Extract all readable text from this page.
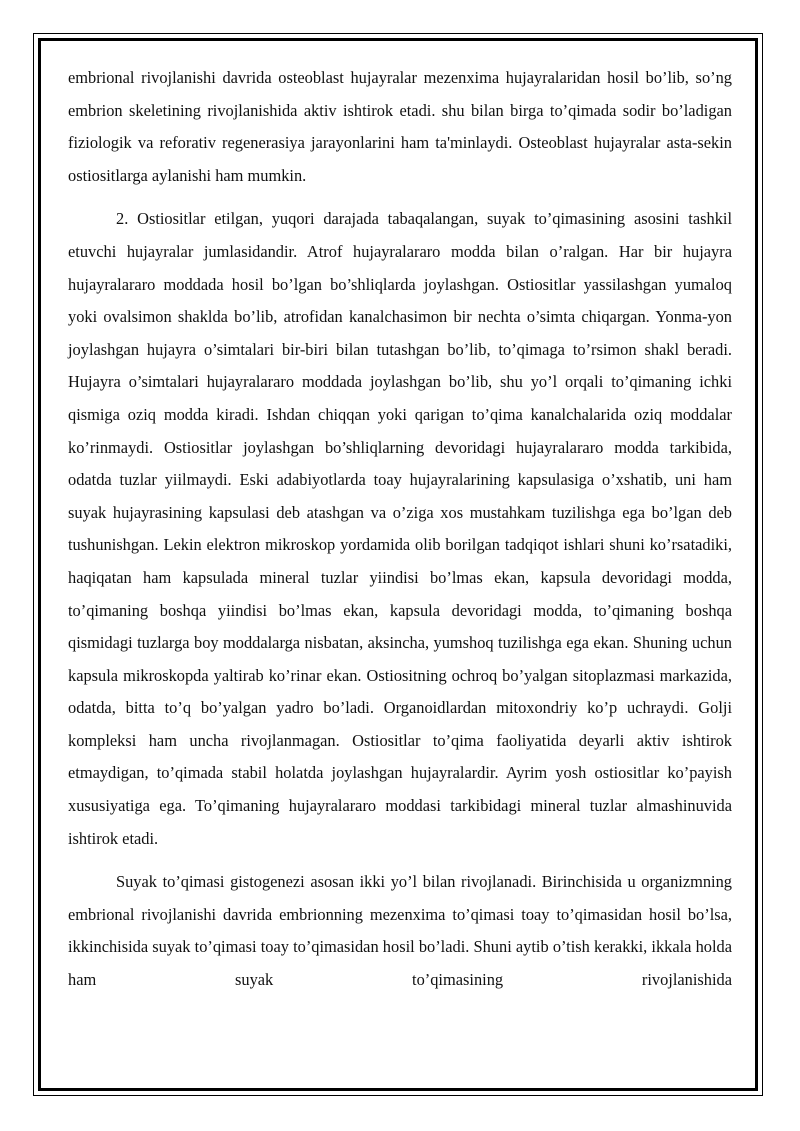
embrional rivojlanishi davrida osteoblast hujayralar mezenxima hujayralaridan hosil bo’lib, so’ng embrion skeletining rivojlanishida aktiv ishtirok etadi. shu bilan birga to’qimada sodir bo’ladigan fiziologik va reforativ regenerasiya jarayonlarini ham ta'minlaydi. Osteoblast hujayralar asta-sekin ostiositlarga aylanishi ham mumkin.

2. Ostiositlar etilgan, yuqori darajada tabaqalangan, suyak to’qimasining asosini tashkil etuvchi hujayralar jumlasidandir. Atrof hujayralararo modda bilan o’ralgan. Har bir hujayra hujayralararo moddada hosil bo’lgan bo’shliqlarda joylashgan. Ostiositlar yassilashgan yumaloq yoki ovalsimon shaklda bo’lib, atrofidan kanalchasimon bir nechta o’simta chiqargan. Yonma-yon joylashgan hujayra o’simtalari bir-biri bilan tutashgan bo’lib, to’qimaga to’rsimon shakl beradi. Hujayra o’simtalari hujayralararo moddada joylashgan bo’lib, shu yo’l orqali to’qimaning ichki qismiga oziq modda kiradi. Ishdan chiqqan yoki qarigan to’qima kanalchalarida oziq moddalar ko’rinmaydi. Ostiositlar joylashgan bo’shliqlarning devoridagi hujayralararo modda tarkibida, odatda tuzlar yiilmaydi. Eski adabiyotlarda toay hujayralarining kapsulasiga o’xshatib, uni ham suyak hujayrasining kapsulasi deb atashgan va o’ziga xos mustahkam tuzilishga ega bo’lgan deb tushunishgan. Lekin elektron mikroskop yordamida olib borilgan tadqiqot ishlari shuni ko’rsatadiki, haqiqatan ham kapsulada mineral tuzlar yiindisi bo’lmas ekan, kapsula devoridagi modda, to’qimaning boshqa yiindisi bo’lmas ekan, kapsula devoridagi modda, to’qimaning boshqa qismidagi tuzlarga boy moddalarga nisbatan, aksincha, yumshoq tuzilishga ega ekan. Shuning uchun kapsula mikroskopda yaltirab ko’rinar ekan. Ostiositning ochroq bo’yalgan sitoplazmasi markazida, odatda, bitta to’q bo’yalgan yadro bo’ladi. Organoidlardan mitoxondriy ko’p uchraydi. Golji kompleksi ham uncha rivojlanmagan. Ostiositlar to’qima faoliyatida deyarli aktiv ishtirok etmaydigan, to’qimada stabil holatda joylashgan hujayralardir. Ayrim yosh ostiositlar ko’payish xususiyatiga ega. To’qimaning hujayralararo moddasi tarkibidagi mineral tuzlar almashinuvida ishtirok etadi.

Suyak to’qimasi gistogenezi asosan ikki yo’l bilan rivojlanadi. Birinchisida u organizmning embrional rivojlanishi davrida embrionning mezenxima to’qimasi toay to’qimasidan hosil bo’lsa, ikkinchisida suyak to’qimasi toay to’qimasidan hosil bo’ladi. Shuni aytib o’tish kerakki, ikkala holda ham suyak to’qimasining rivojlanishida
